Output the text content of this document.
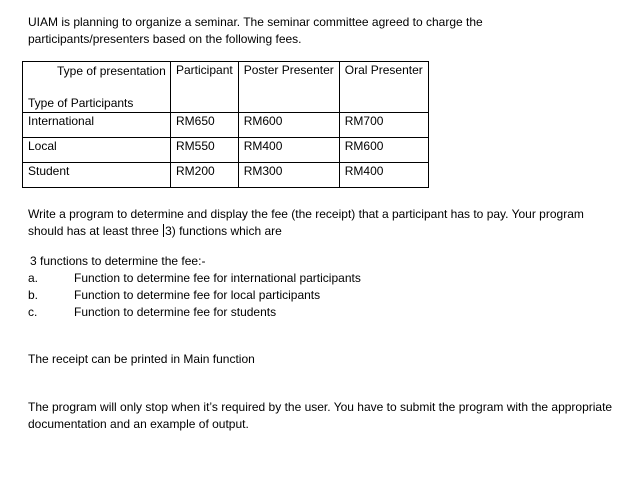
UIAM is planning to organize a seminar. The seminar committee agreed to charge the participants/presenters based on the following fees.

Type of presentation
Type of Participants	Participant	Poster Presenter	Oral Presenter
International	RM650	RM600	RM700
Local	RM550	RM400	RM600
Student	RM200	RM300	RM400

Write a program to determine and display the fee (the receipt) that a participant has to pay. Your program should has at least three 3) functions which are

3 functions to determine the fee:-

a.	Function to determine fee for international participants
b.	Function to determine fee for local participants
c.	Function to determine fee for students

The receipt can be printed in Main function

The program will only stop when it’s required by the user. You have to submit the program with the appropriate documentation and an example of output.
